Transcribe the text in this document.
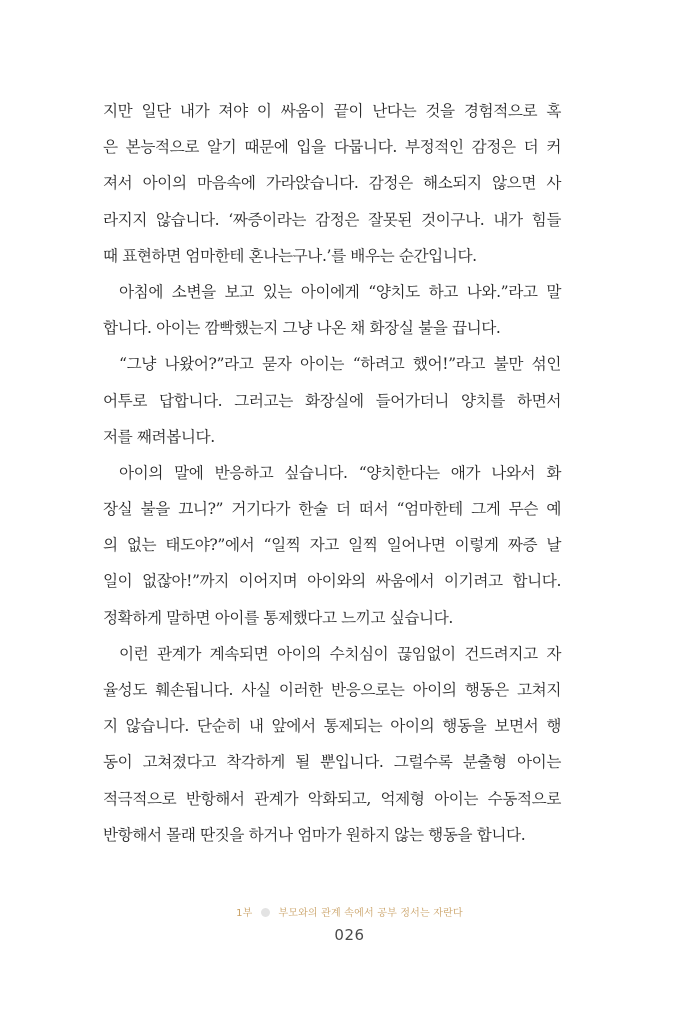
지만 일단 내가 져야 이 싸움이 끝이 난다는 것을 경험적으로 혹
은 본능적으로 알기 때문에 입을 다뭅니다. 부정적인 감정은 더 커
져서 아이의 마음속에 가라앉습니다. 감정은 해소되지 않으면 사
라지지 않습니다. ‘짜증이라는 감정은 잘못된 것이구나. 내가 힘들
때 표현하면 엄마한테 혼나는구나.’를 배우는 순간입니다.
아침에 소변을 보고 있는 아이에게 “양치도 하고 나와.”라고 말
합니다. 아이는 깜빡했는지 그냥 나온 채 화장실 불을 끕니다.
“그냥 나왔어?”라고 묻자 아이는 “하려고 했어!”라고 불만 섞인
어투로 답합니다. 그러고는 화장실에 들어가더니 양치를 하면서
저를 째려봅니다.
아이의 말에 반응하고 싶습니다. “양치한다는 애가 나와서 화
장실 불을 끄니?” 거기다가 한술 더 떠서 “엄마한테 그게 무슨 예
의 없는 태도야?”에서 “일찍 자고 일찍 일어나면 이렇게 짜증 날
일이 없잖아!”까지 이어지며 아이와의 싸움에서 이기려고 합니다.
정확하게 말하면 아이를 통제했다고 느끼고 싶습니다.
이런 관계가 계속되면 아이의 수치심이 끊임없이 건드려지고 자
율성도 훼손됩니다. 사실 이러한 반응으로는 아이의 행동은 고쳐지
지 않습니다. 단순히 내 앞에서 통제되는 아이의 행동을 보면서 행
동이 고쳐졌다고 착각하게 될 뿐입니다. 그럴수록 분출형 아이는
적극적으로 반항해서 관계가 악화되고, 억제형 아이는 수동적으로
반항해서 몰래 딴짓을 하거나 엄마가 원하지 않는 행동을 합니다.
1부	부모와의 관계 속에서 공부 정서는 자란다
026
